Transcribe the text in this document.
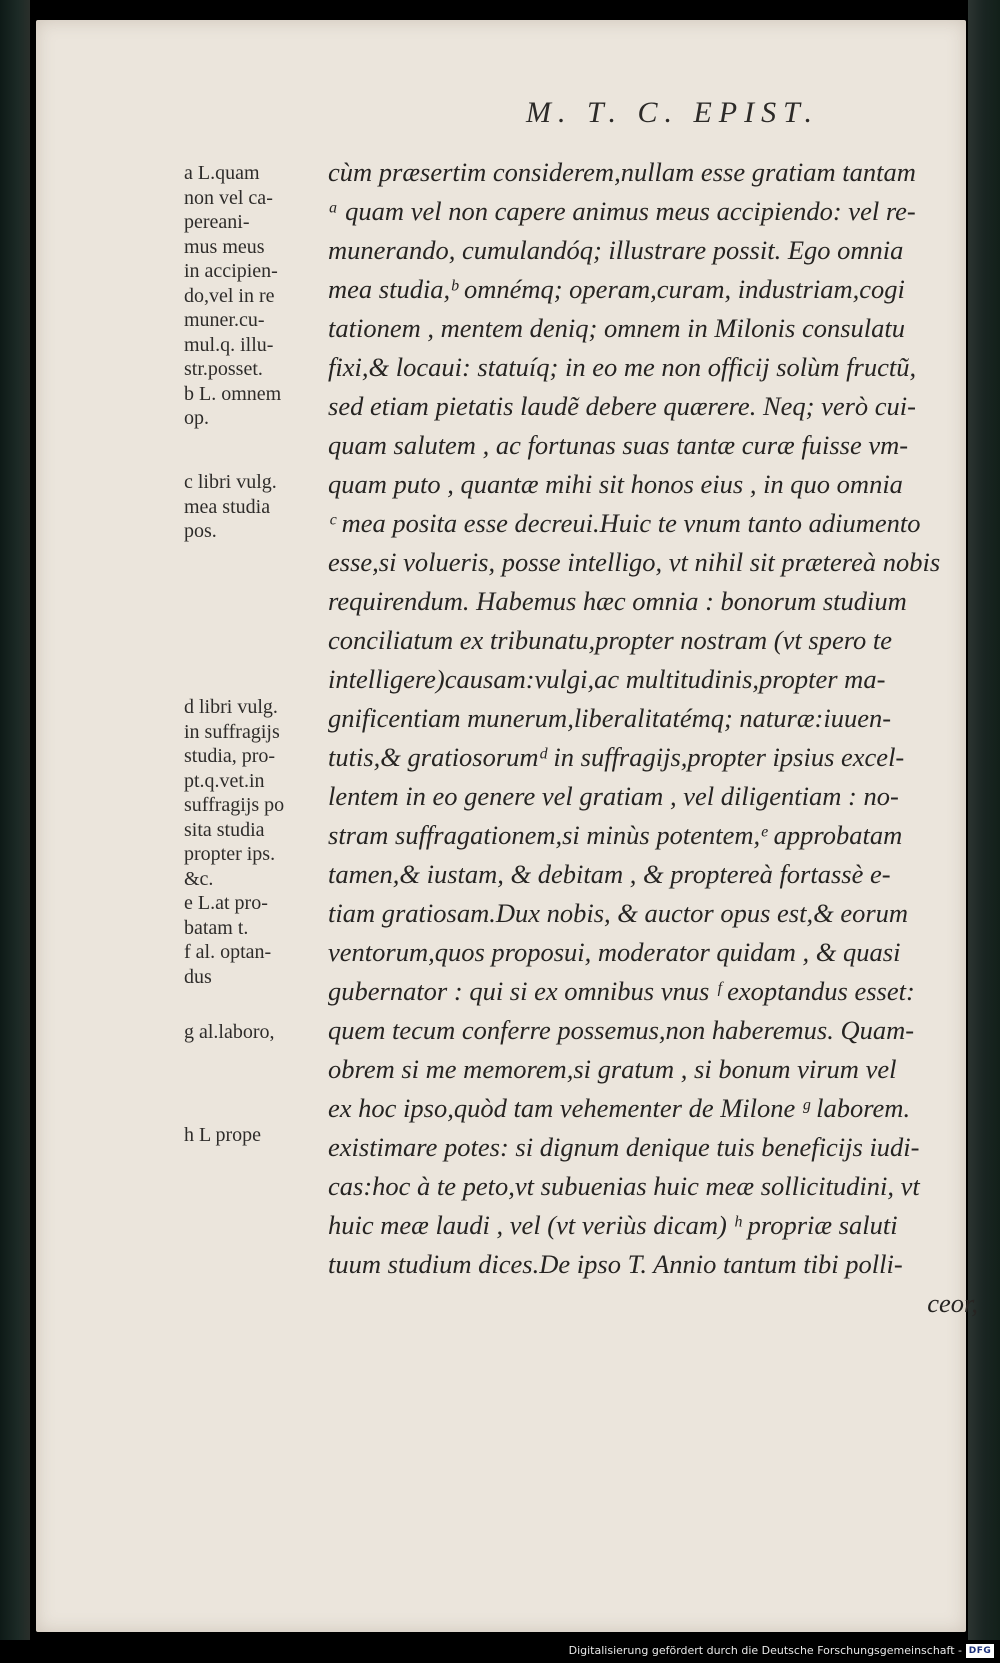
M. T. C. EPIST.
a L.quam
non vel ca-
pereani-
mus meus
in accipien-
do,vel in re
muner.cu-
mul.q. illu-
str.posset.
b L. omnem
op.
c libri vulg.
mea studia
pos.
d libri vulg.
in suffragijs
studia, pro-
pt.q.vet.in
suffragijs po
sita studia
propter ips.
&c.
e L.at pro-
batam t.
f al. optan-
dus
g al.laboro,
h L prope
cùm præsertim considerem,nullam esse gratiam tantam
ᵃ quam vel non capere animus meus accipiendo: vel re-
munerando, cumulandóq; illustrare possit. Ego omnia
mea studia,ᵇ omnémq; operam,curam, industriam,cogi
tationem , mentem deniq; omnem in Milonis consulatu
fixi,& locaui: statuíq; in eo me non officij solùm fructũ,
sed etiam pietatis laudẽ debere quærere. Neq; verò cui-
quam salutem , ac fortunas suas tantæ curæ fuisse vm-
quam puto , quantæ mihi sit honos eius , in quo omnia
ᶜ mea posita esse decreui.Huic te vnum tanto adiumento
esse,si volueris, posse intelligo, vt nihil sit prætereà nobis
requirendum. Habemus hæc omnia : bonorum studium
conciliatum ex tribunatu,propter nostram (vt spero te
intelligere)causam:vulgi,ac multitudinis,propter ma-
gnificentiam munerum,liberalitatémq; naturæ:iuuen-
tutis,& gratiosorumᵈ in suffragijs,propter ipsius excel-
lentem in eo genere vel gratiam , vel diligentiam : no-
stram suffragationem,si minùs potentem,ᵉ approbatam
tamen,& iustam, & debitam , & proptereà fortassè e-
tiam gratiosam.Dux nobis, & auctor opus est,& eorum
ventorum,quos proposui, moderator quidam , & quasi
gubernator : qui si ex omnibus vnus ᶠ exoptandus esset:
quem tecum conferre possemus,non haberemus. Quam-
obrem si me memorem,si gratum , si bonum virum vel
ex hoc ipso,quòd tam vehementer de Milone ᵍ laborem.
existimare potes: si dignum denique tuis beneficijs iudi-
cas:hoc à te peto,vt subuenias huic meæ sollicitudini, vt
huic meæ laudi , vel (vt veriùs dicam) ʰ propriæ saluti
tuum studium dices.De ipso T. Annio tantum tibi polli-
ceor,
Digitalisierung gefördert durch die Deutsche Forschungsgemeinschaft - DFG
